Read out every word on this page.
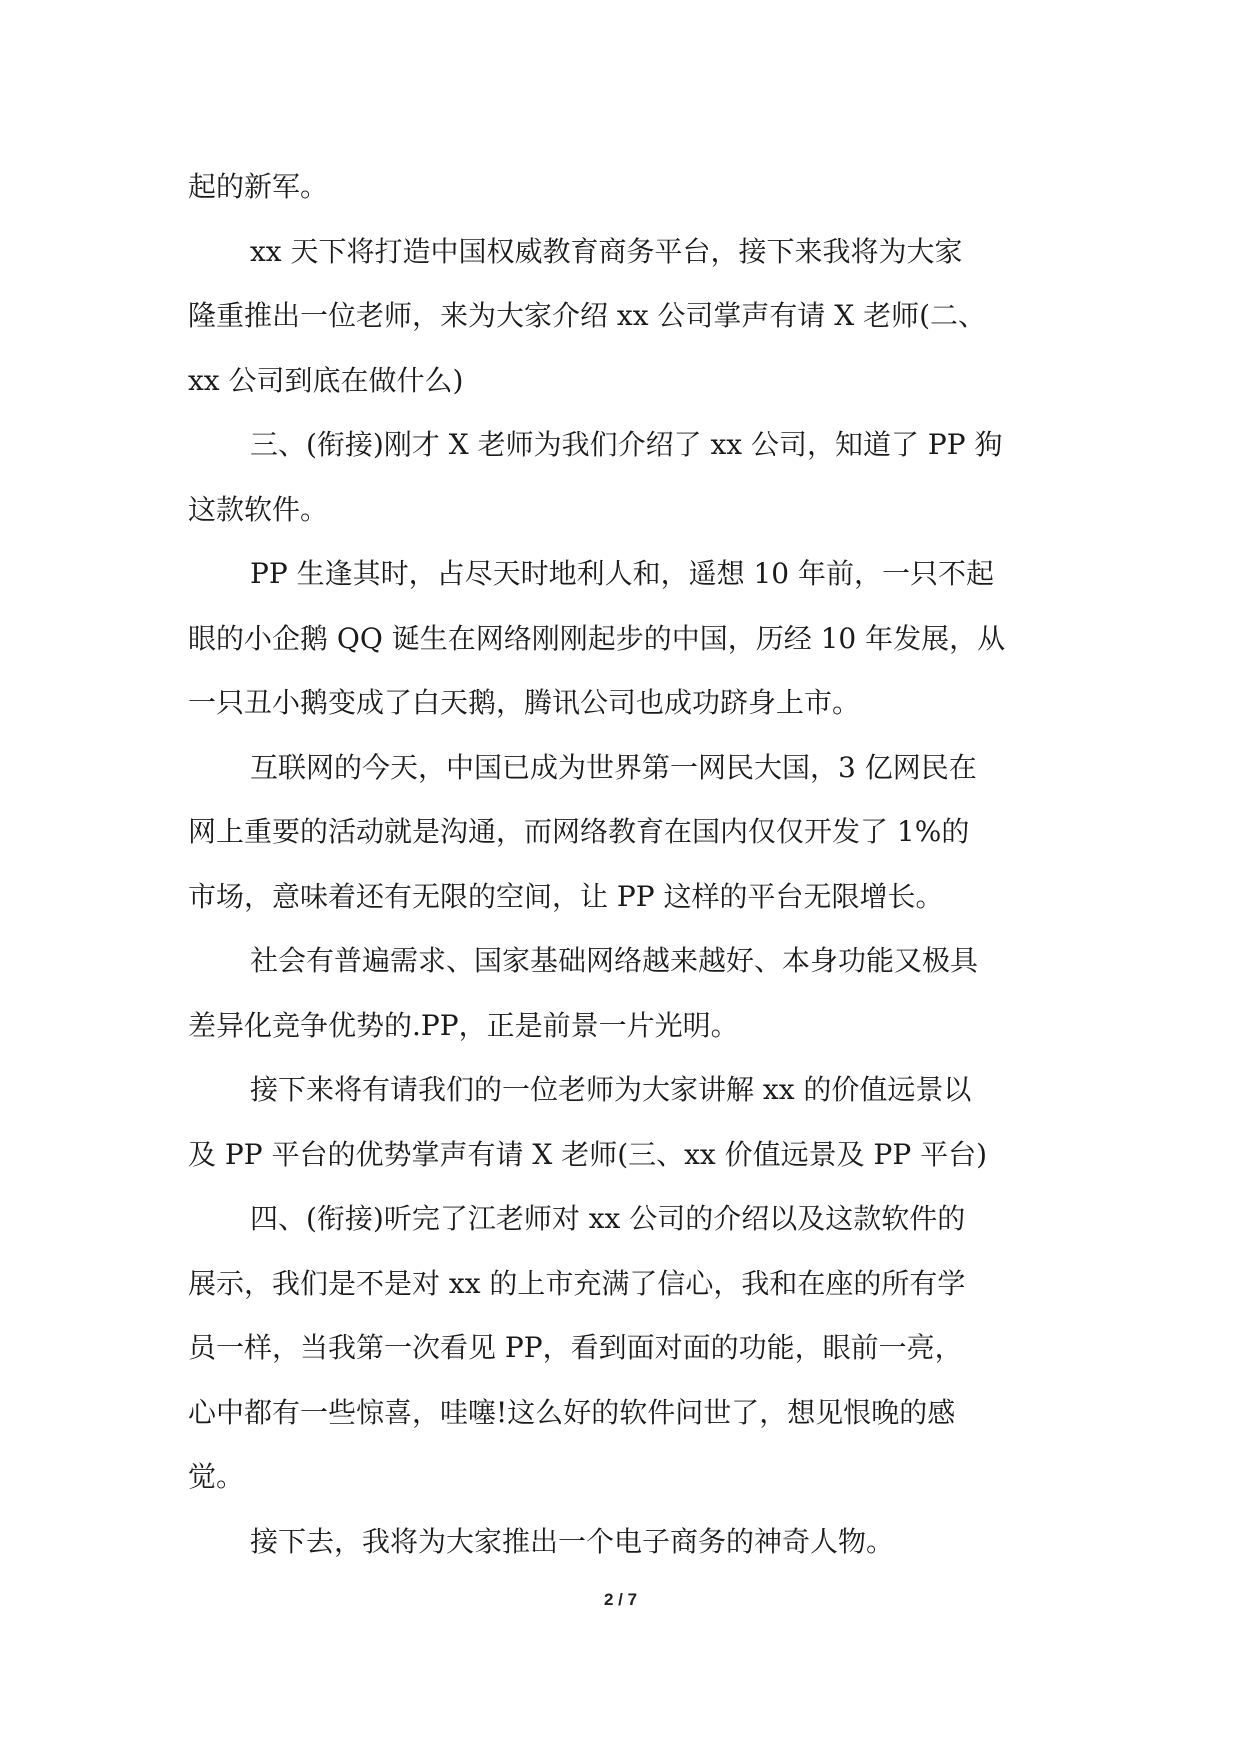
起的新军。
xx 天下将打造中国权威教育商务平台，接下来我将为大家
隆重推出一位老师，来为大家介绍 xx 公司掌声有请 X 老师(二、
xx 公司到底在做什么)
三、(衔接)刚才 X 老师为我们介绍了 xx 公司，知道了 PP 狗
这款软件。
PP 生逢其时，占尽天时地利人和，遥想 10 年前，一只不起
眼的小企鹅 QQ 诞生在网络刚刚起步的中国，历经 10 年发展，从
一只丑小鹅变成了白天鹅，腾讯公司也成功跻身上市。
互联网的今天，中国已成为世界第一网民大国，3 亿网民在
网上重要的活动就是沟通，而网络教育在国内仅仅开发了 1%的
市场，意味着还有无限的空间，让 PP 这样的平台无限增长。
社会有普遍需求、国家基础网络越来越好、本身功能又极具
差异化竞争优势的.PP，正是前景一片光明。
接下来将有请我们的一位老师为大家讲解 xx 的价值远景以
及 PP 平台的优势掌声有请 X 老师(三、xx 价值远景及 PP 平台)
四、(衔接)听完了江老师对 xx 公司的介绍以及这款软件的
展示，我们是不是对 xx 的上市充满了信心，我和在座的所有学
员一样，当我第一次看见 PP，看到面对面的功能，眼前一亮，
心中都有一些惊喜，哇噻!这么好的软件问世了，想见恨晚的感
觉。
接下去，我将为大家推出一个电子商务的神奇人物。
2 / 7
